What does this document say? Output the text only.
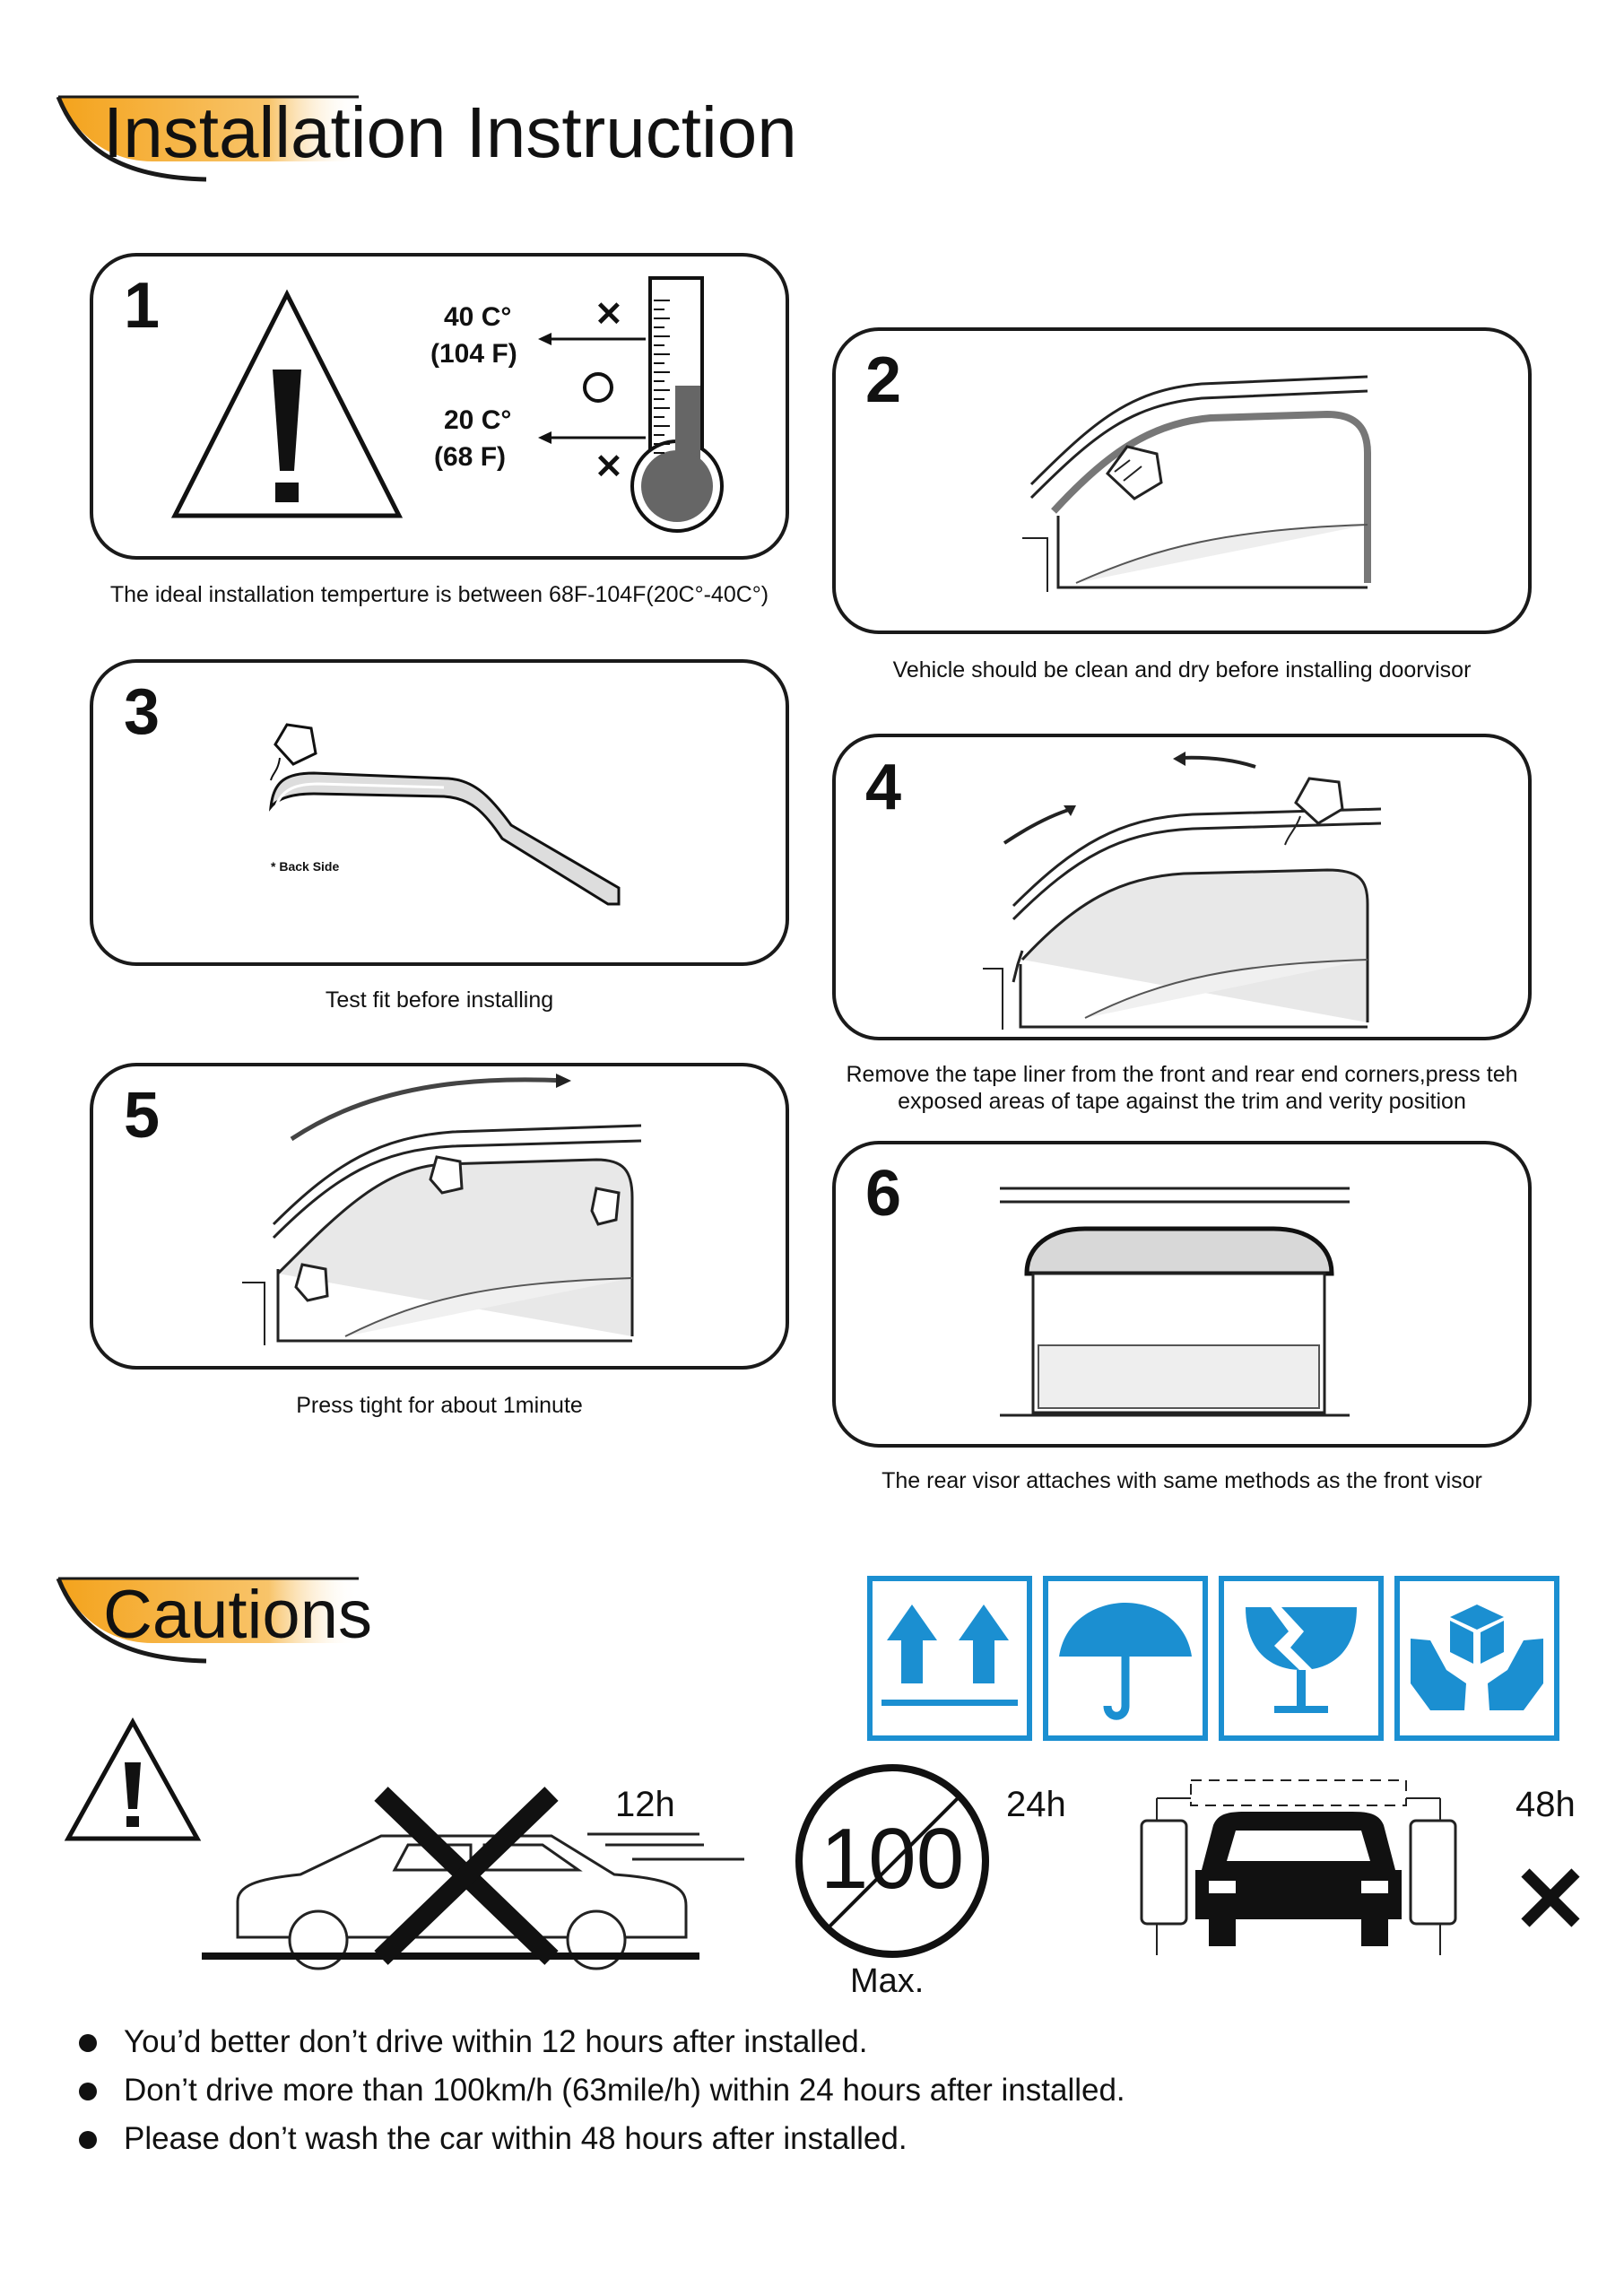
Installation Instruction
1	40 C°
(104 F)
20 C°
(68 F)
✕
✕
The ideal installation temperture is between 68F-104F(20C°-40C°)
2
Vehicle should be clean and dry before installing doorvisor
3
* Back Side
Test fit before installing
4
Remove the tape liner from the front and rear end corners,press teh exposed areas of tape against the trim and verity position
5
Press tight for about 1minute
6
The rear visor attaches with same methods as the front visor
Cautions
12h
100
24h
Max.
48h
You’d better don’t drive within 12 hours after installed.
Don’t drive more than 100km/h (63mile/h) within 24 hours after installed.
Please don’t wash the car within 48 hours after installed.
